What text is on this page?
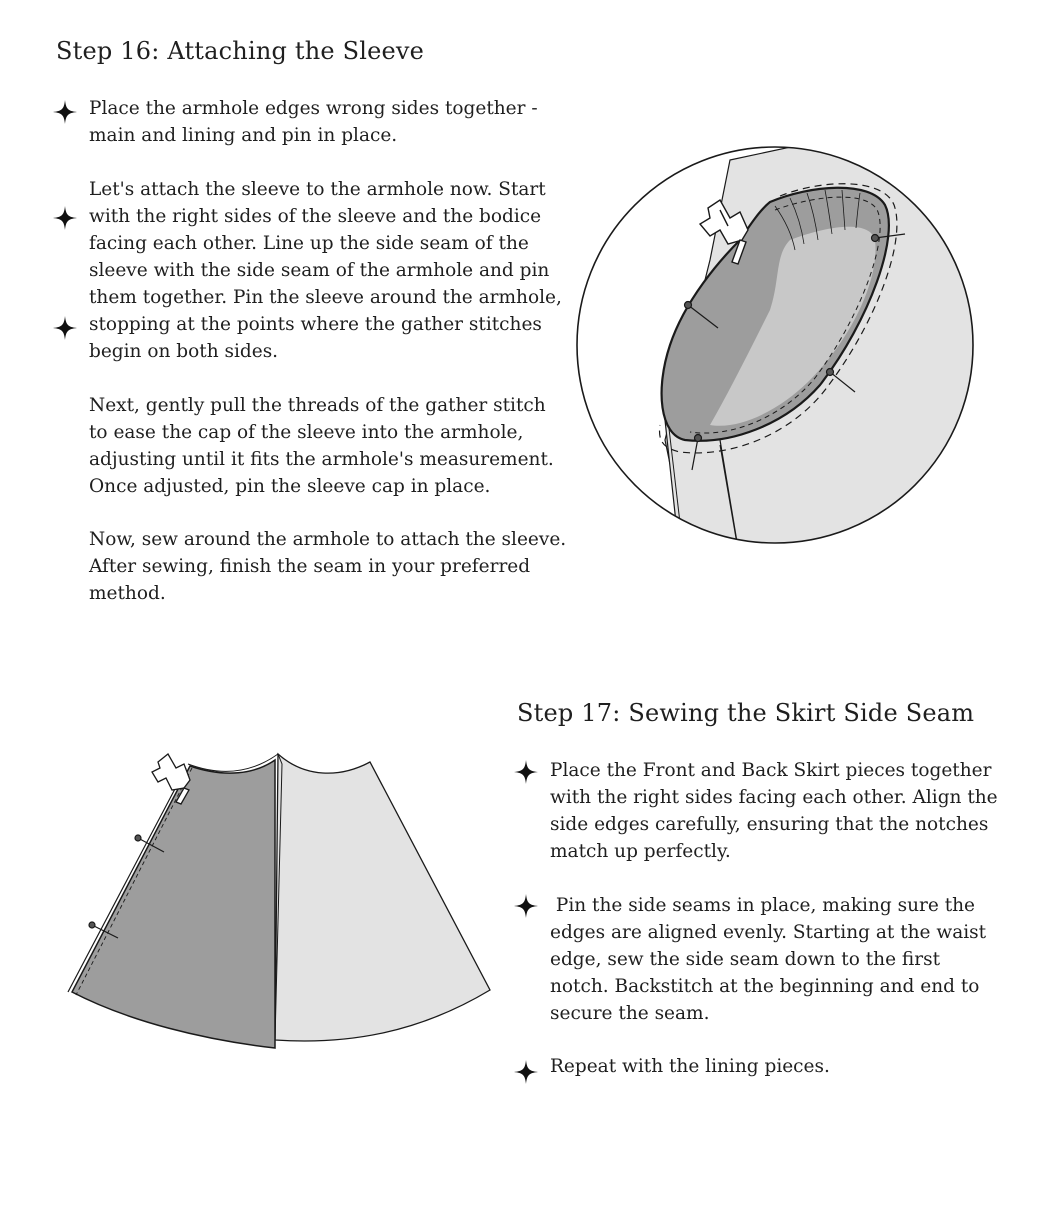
Step 16: Attaching the Sleeve

Place the armhole edges wrong sides together - main and lining and pin in place.

Let's attach the sleeve to the armhole now. Start with the right sides of the sleeve and the bodice facing each other. Line up the side seam of the sleeve with the side seam of the armhole and pin them together. Pin the sleeve around the armhole, stopping at the points where the gather stitches begin on both sides.

Next, gently pull the threads of the gather stitch to ease the cap of the sleeve into the armhole, adjusting until it fits the armhole's measurement. Once adjusted, pin the sleeve cap in place.

Now, sew around the armhole to attach the sleeve. After sewing, finish the seam in your preferred method.

Step 17: Sewing the Skirt Side Seam

Place the Front and Back Skirt pieces together with the right sides facing each other. Align the side edges carefully, ensuring that the notches match up perfectly.

Pin the side seams in place, making sure the edges are aligned evenly. Starting at the waist edge, sew the side seam down to the first notch. Backstitch at the beginning and end to secure the seam.

Repeat with the lining pieces.
